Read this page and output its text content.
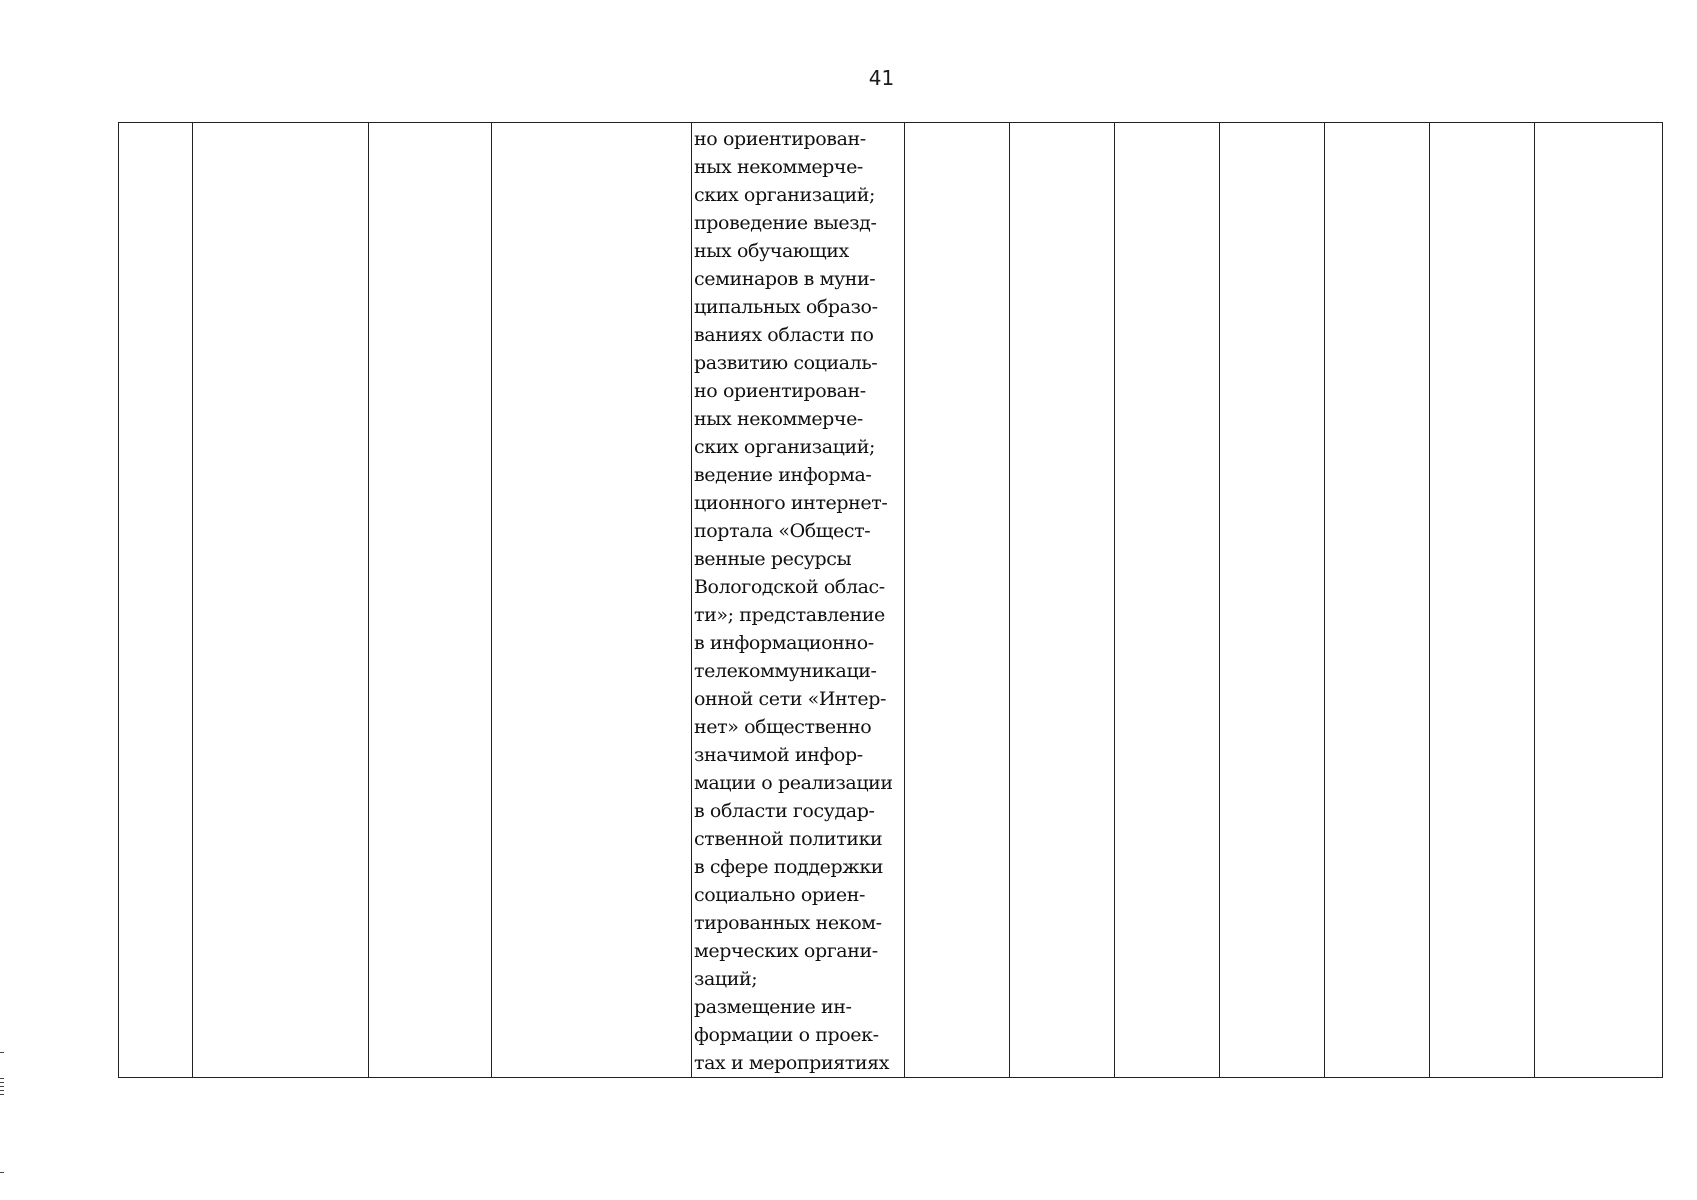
41

но ориентирован-
ных некоммерче-
ских организаций;
проведение выезд-
ных обучающих
семинаров в муни-
ципальных образо-
ваниях области по
развитию социаль-
но ориентирован-
ных некоммерче-
ских организаций;
ведение информа-
ционного интернет-
портала «Общест-
венные ресурсы
Вологодской облас-
ти»; представление
в информационно-
телекоммуникаци-
онной сети «Интер-
нет» общественно
значимой инфор-
мации о реализации
в области государ-
ственной политики
в сфере поддержки
социально ориен-
тированных неком-
мерческих органи-
заций;
размещение ин-
формации о проек-
тах и мероприятиях
